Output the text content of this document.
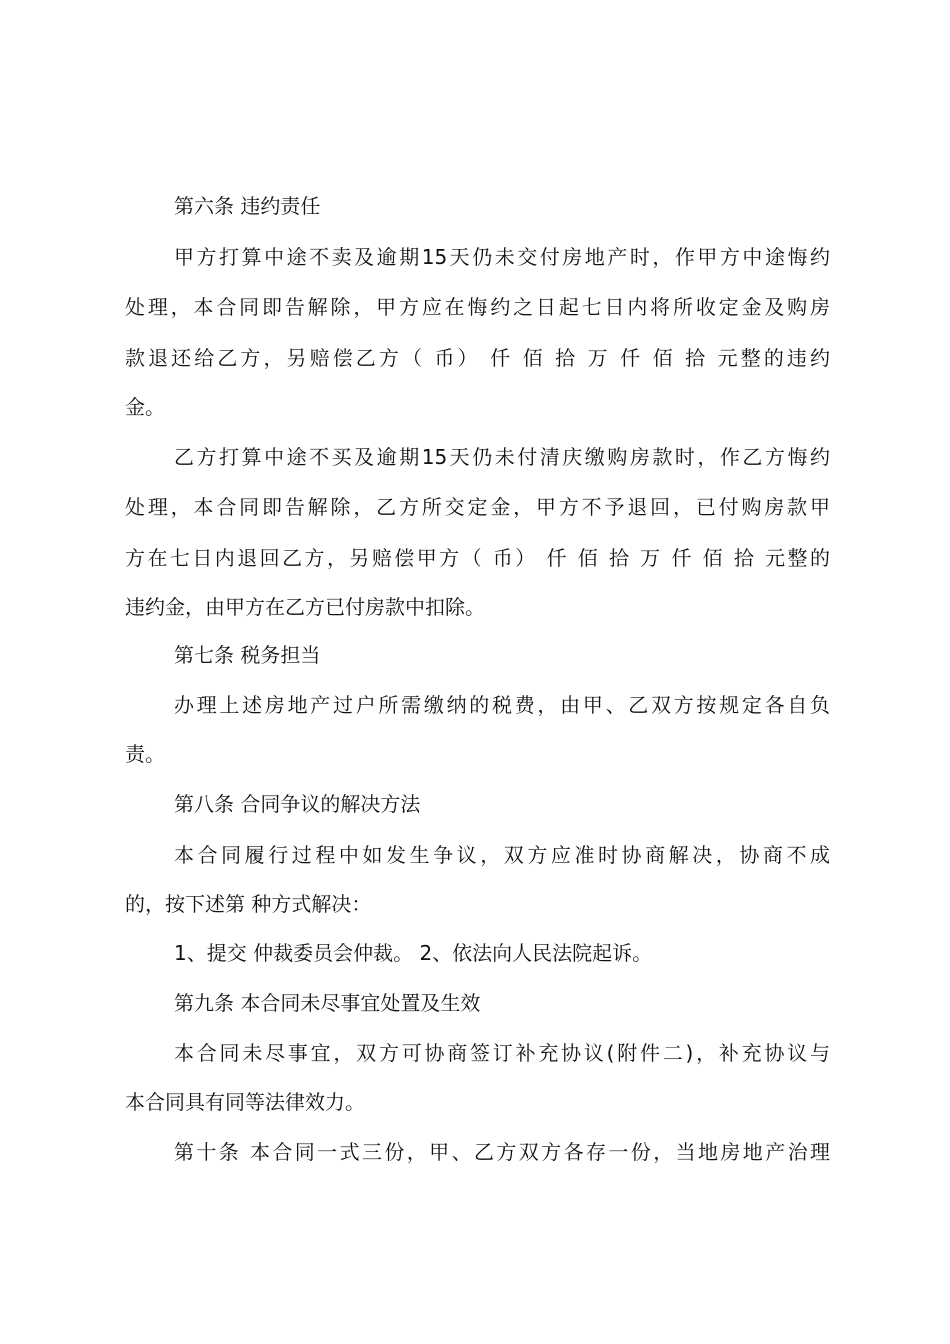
第六条 违约责任
甲方打算中途不卖及逾期15天仍未交付房地产时，作甲方中途悔约
处理，本合同即告解除，甲方应在悔约之日起七日内将所收定金及购房
款退还给乙方，另赔偿乙方（ 币） 仟 佰 拾 万 仟 佰 拾 元整的违约
金。
乙方打算中途不买及逾期15天仍未付清庆缴购房款时，作乙方悔约
处理，本合同即告解除，乙方所交定金，甲方不予退回，已付购房款甲
方在七日内退回乙方，另赔偿甲方（ 币） 仟 佰 拾 万 仟 佰 拾 元整的
违约金，由甲方在乙方已付房款中扣除。
第七条 税务担当
办理上述房地产过户所需缴纳的税费，由甲、乙双方按规定各自负
责。
第八条 合同争议的解决方法
本合同履行过程中如发生争议，双方应准时协商解决，协商不成
的，按下述第 种方式解决：
1、提交 仲裁委员会仲裁。 2、依法向人民法院起诉。
第九条 本合同未尽事宜处置及生效
本合同未尽事宜，双方可协商签订补充协议(附件二)，补充协议与
本合同具有同等法律效力。
第十条 本合同一式三份，甲、乙方双方各存一份，当地房地产治理
